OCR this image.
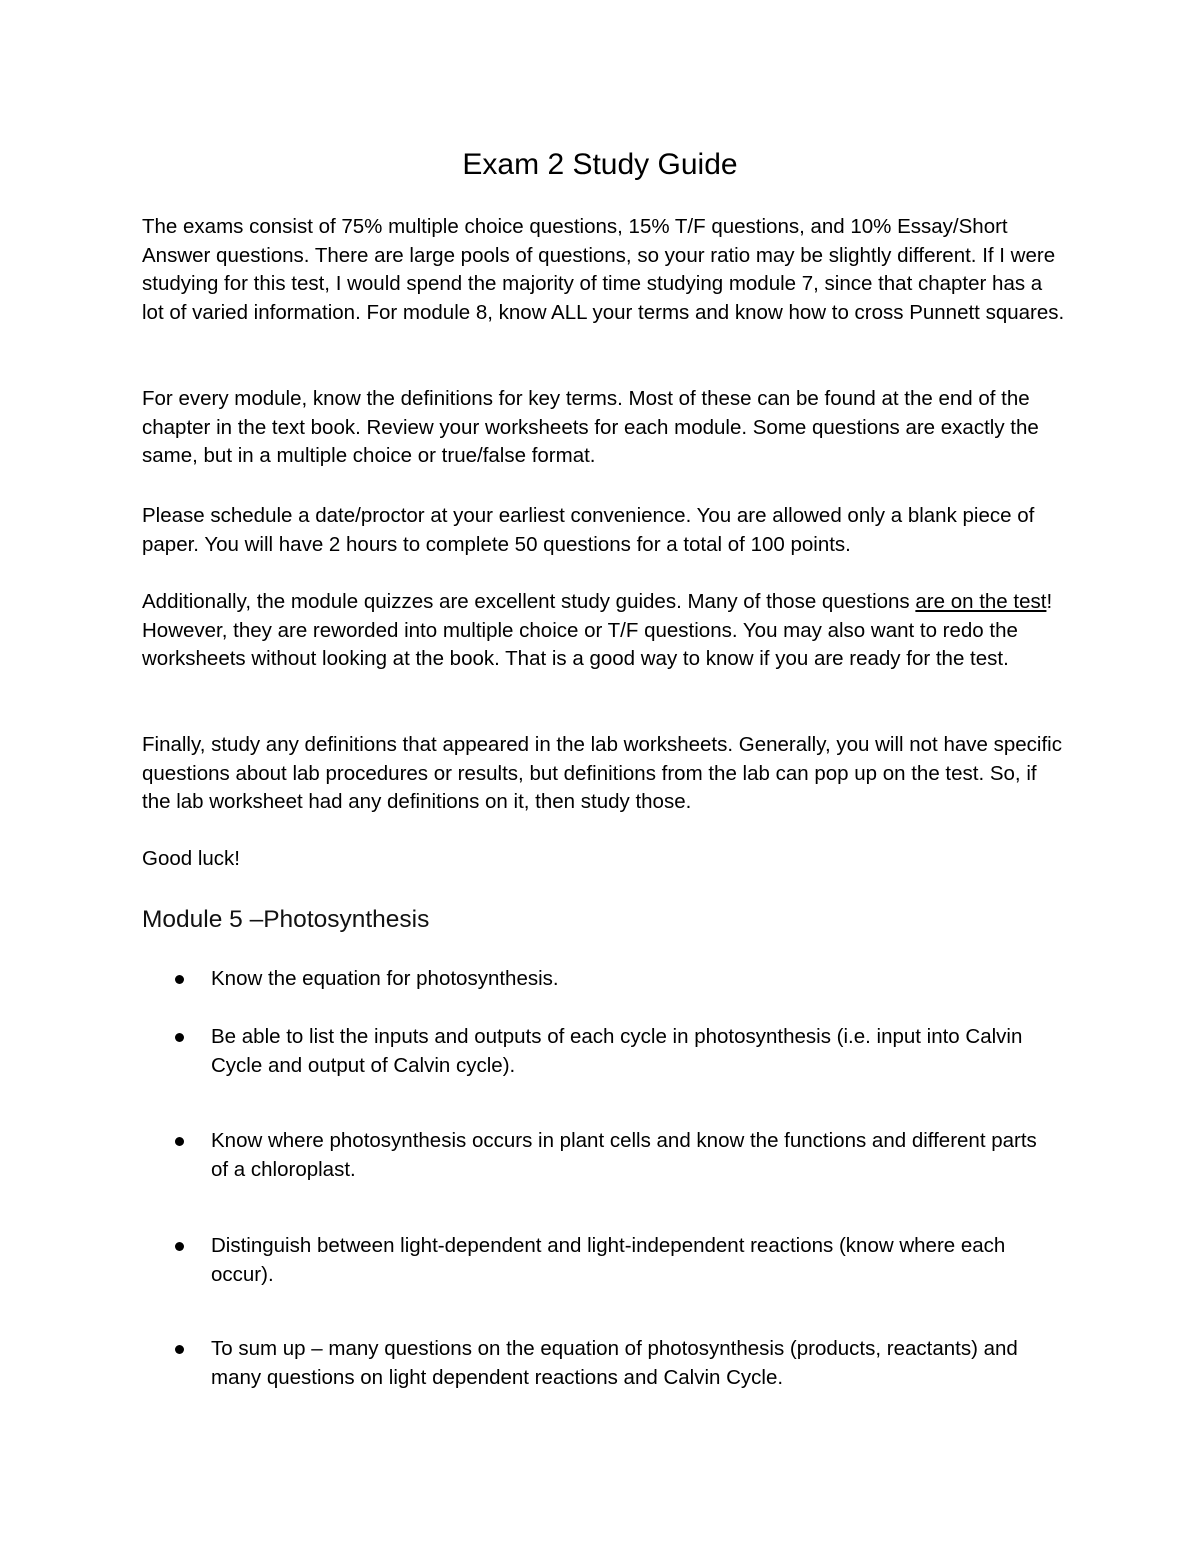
Exam 2 Study Guide

The exams consist of 75% multiple choice questions, 15% T/F questions, and 10% Essay/Short Answer questions. There are large pools of questions, so your ratio may be slightly different. If I were studying for this test, I would spend the majority of time studying module 7, since that chapter has a lot of varied information. For module 8, know ALL your terms and know how to cross Punnett squares.

For every module, know the definitions for key terms. Most of these can be found at the end of the chapter in the text book. Review your worksheets for each module. Some questions are exactly the same, but in a multiple choice or true/false format.

Please schedule a date/proctor at your earliest convenience. You are allowed only a blank piece of paper. You will have 2 hours to complete 50 questions for a total of 100 points.

Additionally, the module quizzes are excellent study guides. Many of those questions are on the test! However, they are reworded into multiple choice or T/F questions. You may also want to redo the worksheets without looking at the book. That is a good way to know if you are ready for the test.

Finally, study any definitions that appeared in the lab worksheets. Generally, you will not have specific questions about lab procedures or results, but definitions from the lab can pop up on the test. So, if the lab worksheet had any definitions on it, then study those.

Good luck!

Module 5 –Photosynthesis
Know the equation for photosynthesis.
Be able to list the inputs and outputs of each cycle in photosynthesis (i.e. input into Calvin Cycle and output of Calvin cycle).
Know where photosynthesis occurs in plant cells and know the functions and different parts of a chloroplast.
Distinguish between light-dependent and light-independent reactions (know where each occur).
To sum up – many questions on the equation of photosynthesis (products, reactants) and many questions on light dependent reactions and Calvin Cycle.
